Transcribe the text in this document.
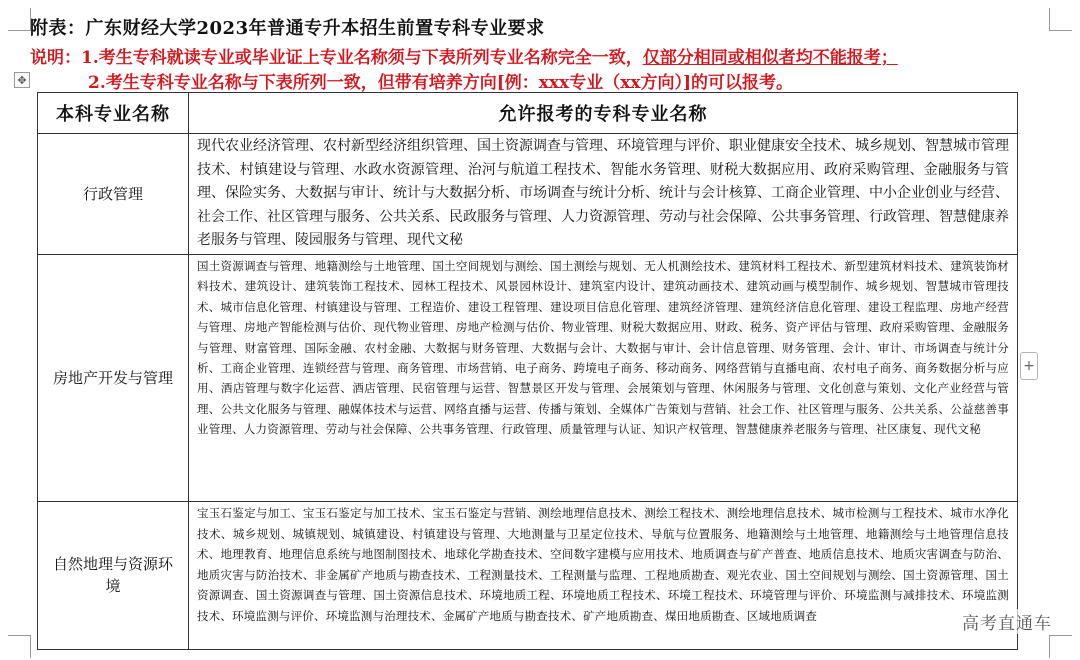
附表：广东财经大学2023年普通专升本招生前置专科专业要求
说明：1.考生专科就读专业或毕业证上专业名称须与下表所列专业名称完全一致，仅部分相同或相似者均不能报考；
2.考生专科专业名称与下表所列一致，但带有培养方向[例：xxx专业（xx方向）]的可以报考。
✥
本科专业名称	允许报考的专科专业名称
行政管理	现代农业经济管理、农村新型经济组织管理、国土资源调查与管理、环境管理与评价、职业健康安全技术、城乡规划、智慧城市管理技术、村镇建设与管理、水政水资源管理、治河与航道工程技术、智能水务管理、财税大数据应用、政府采购管理、金融服务与管理、保险实务、大数据与审计、统计与大数据分析、市场调查与统计分析、统计与会计核算、工商企业管理、中小企业创业与经营、社会工作、社区管理与服务、公共关系、民政服务与管理、人力资源管理、劳动与社会保障、公共事务管理、行政管理、智慧健康养老服务与管理、陵园服务与管理、现代文秘
房地产开发与管理	国土资源调查与管理、地籍测绘与土地管理、国土空间规划与测绘、国土测绘与规划、无人机测绘技术、建筑材料工程技术、新型建筑材料技术、建筑装饰材料技术、建筑设计、建筑装饰工程技术、园林工程技术、风景园林设计、建筑室内设计、建筑动画技术、建筑动画与模型制作、城乡规划、智慧城市管理技术、城市信息化管理、村镇建设与管理、工程造价、建设工程管理、建设项目信息化管理、建筑经济管理、建筑经济信息化管理、建设工程监理、房地产经营与管理、房地产智能检测与估价、现代物业管理、房地产检测与估价、物业管理、财税大数据应用、财政、税务、资产评估与管理、政府采购管理、金融服务与管理、财富管理、国际金融、农村金融、大数据与财务管理、大数据与会计、大数据与审计、会计信息管理、财务管理、会计、审计、市场调查与统计分析、工商企业管理、连锁经营与管理、商务管理、市场营销、电子商务、跨境电子商务、移动商务、网络营销与直播电商、农村电子商务、商务数据分析与应用、酒店管理与数字化运营、酒店管理、民宿管理与运营、智慧景区开发与管理、会展策划与管理、休闲服务与管理、文化创意与策划、文化产业经营与管理、公共文化服务与管理、融媒体技术与运营、网络直播与运营、传播与策划、全媒体广告策划与营销、社会工作、社区管理与服务、公共关系、公益慈善事业管理、人力资源管理、劳动与社会保障、公共事务管理、行政管理、质量管理与认证、知识产权管理、智慧健康养老服务与管理、社区康复、现代文秘
自然地理与资源环境	宝玉石鉴定与加工、宝玉石鉴定与加工技术、宝玉石鉴定与营销、测绘地理信息技术、测绘工程技术、测绘地理信息技术、城市检测与工程技术、城市水净化技术、城乡规划、城镇规划、城镇建设、村镇建设与管理、大地测量与卫星定位技术、导航与位置服务、地籍测绘与土地管理、地籍测绘与土地管理信息技术、地理教育、地理信息系统与地图制图技术、地球化学勘查技术、空间数字建模与应用技术、地质调查与矿产普查、地质信息技术、地质灾害调查与防治、地质灾害与防治技术、非金属矿产地质与勘查技术、工程测量技术、工程测量与监理、工程地质勘查、观光农业、国土空间规划与测绘、国土资源管理、国土资源调查、国土资源调查与管理、国土资源信息技术、环境地质工程、环境地质工程技术、环境工程技术、环境管理与评价、环境监测与减排技术、环境监测技术、环境监测与评价、环境监测与治理技术、金属矿产地质与勘查技术、矿产地质勘查、煤田地质勘查、区域地质调查
+
高考直通车
